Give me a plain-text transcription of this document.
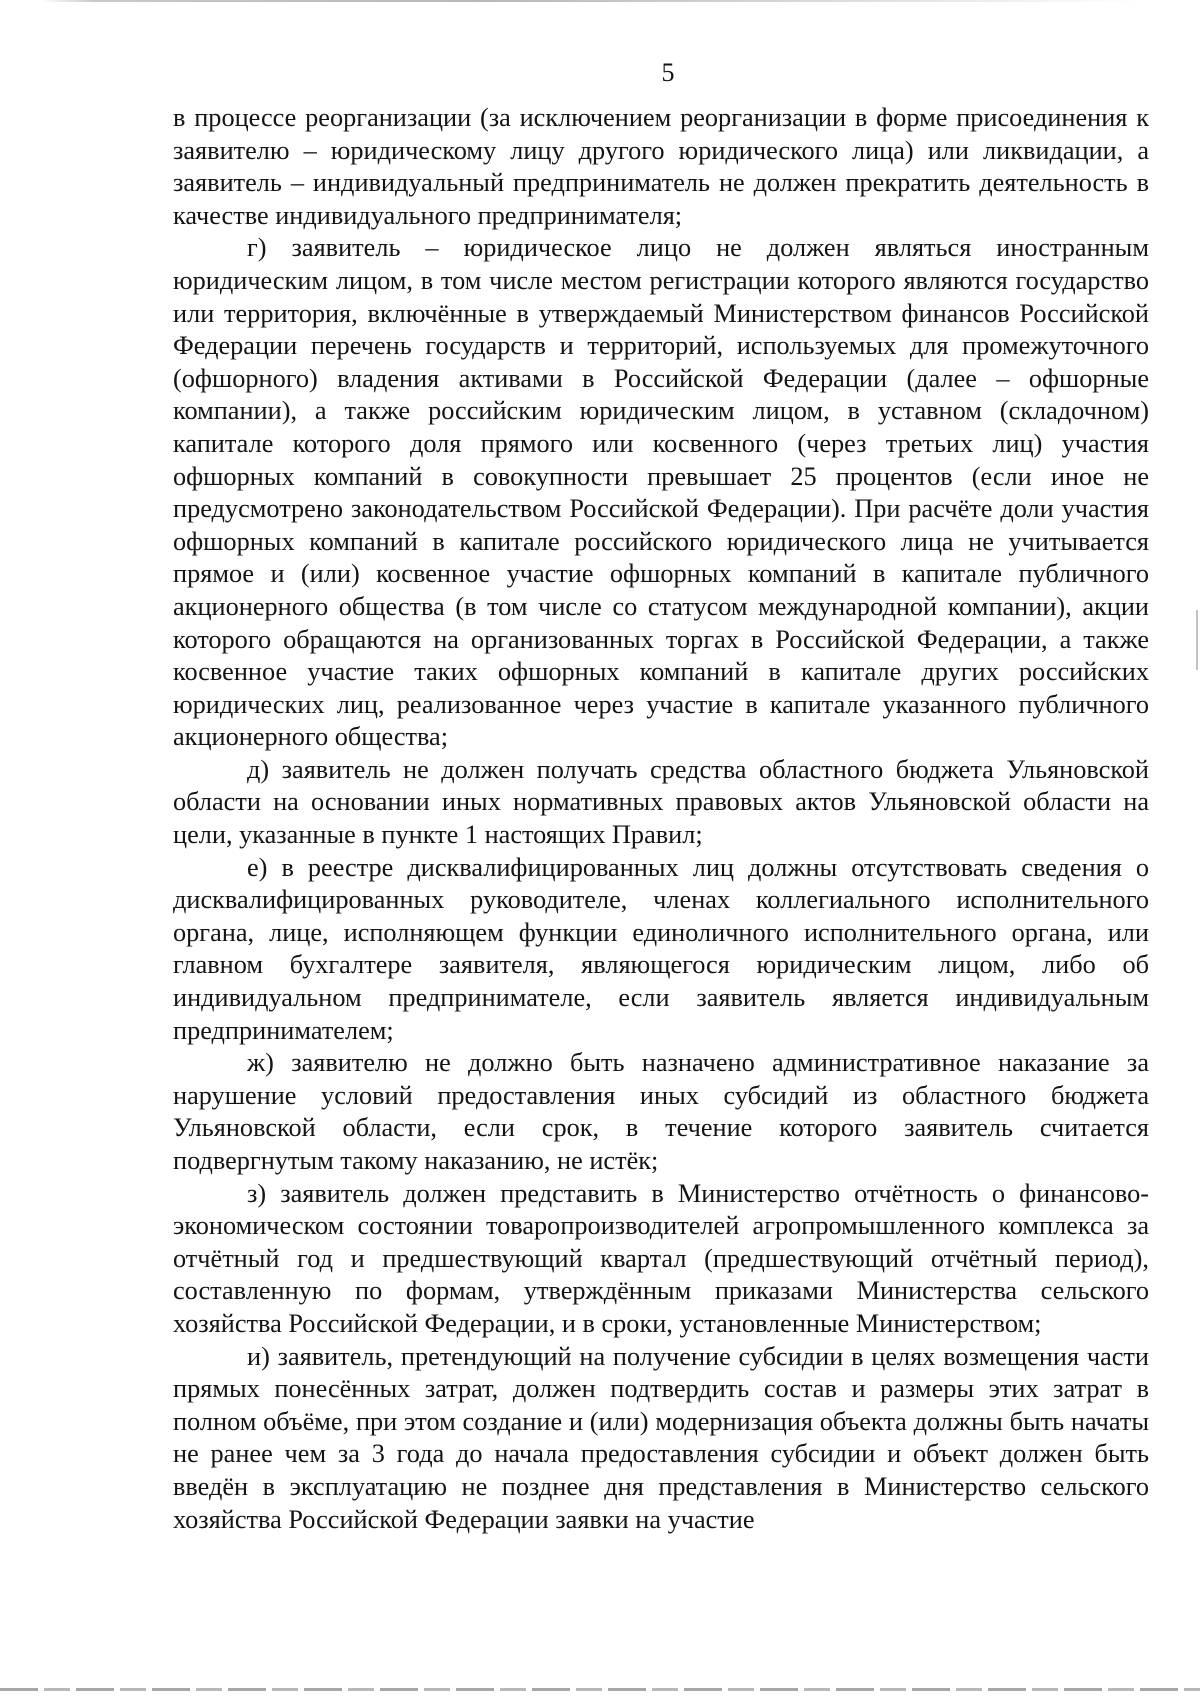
5

в процессе реорганизации (за исключением реорганизации в форме присоединения к заявителю – юридическому лицу другого юридического лица) или ликвидации, а заявитель – индивидуальный предприниматель не должен прекратить деятельность в качестве индивидуального предпринимателя;

г) заявитель – юридическое лицо не должен являться иностранным юридическим лицом, в том числе местом регистрации которого являются государство или территория, включённые в утверждаемый Министерством финансов Российской Федерации перечень государств и территорий, используемых для промежуточного (офшорного) владения активами в Российской Федерации (далее – офшорные компании), а также российским юридическим лицом, в уставном (складочном) капитале которого доля прямого или косвенного (через третьих лиц) участия офшорных компаний в совокупности превышает 25 процентов (если иное не предусмотрено законодательством Российской Федерации). При расчёте доли участия офшорных компаний в капитале российского юридического лица не учитывается прямое и (или) косвенное участие офшорных компаний в капитале публичного акционерного общества (в том числе со статусом международной компании), акции которого обращаются на организованных торгах в Российской Федерации, а также косвенное участие таких офшорных компаний в капитале других российских юридических лиц, реализованное через участие в капитале указанного публичного акционерного общества;

д) заявитель не должен получать средства областного бюджета Ульяновской области на основании иных нормативных правовых актов Ульяновской области на цели, указанные в пункте 1 настоящих Правил;

е) в реестре дисквалифицированных лиц должны отсутствовать сведения о дисквалифицированных руководителе, членах коллегиального исполнительного органа, лице, исполняющем функции единоличного исполнительного органа, или главном бухгалтере заявителя, являющегося юридическим лицом, либо об индивидуальном предпринимателе, если заявитель является индивидуальным предпринимателем;

ж) заявителю не должно быть назначено административное наказание за нарушение условий предоставления иных субсидий из областного бюджета Ульяновской области, если срок, в течение которого заявитель считается подвергнутым такому наказанию, не истёк;

з) заявитель должен представить в Министерство отчётность о финансово-экономическом состоянии товаропроизводителей агропромышленного комплекса за отчётный год и предшествующий квартал (предшествующий отчётный период), составленную по формам, утверждённым приказами Министерства сельского хозяйства Российской Федерации, и в сроки, установленные Министерством;

и) заявитель, претендующий на получение субсидии в целях возмещения части прямых понесённых затрат, должен подтвердить состав и размеры этих затрат в полном объёме, при этом создание и (или) модернизация объекта должны быть начаты не ранее чем за 3 года до начала предоставления субсидии и объект должен быть введён в эксплуатацию не позднее дня представления в Министерство сельского хозяйства Российской Федерации заявки на участие
